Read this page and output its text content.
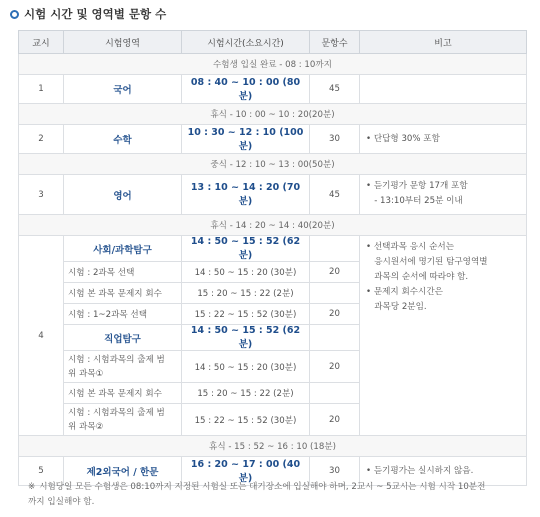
시험 시간 및 영역별 문항 수
교시	시험영역	시험시간(소요시간)	문항수	비고
수험생 입실 완료 - 08 : 10까지				
1	국어	08 : 40 ~ 10 : 00 (80분)	45	
휴식 - 10 : 00 ~ 10 : 20(20분)				
2	수학	10 : 30 ~ 12 : 10 (100분)	30	• 단답형 30% 포함
중식 - 12 : 10 ~ 13 : 00(50분)				
3	영어	13 : 10 ~ 14 : 20 (70분)	45	• 듣기평가 문항 17개 포함
- 13:10부터 25분 이내
휴식 - 14 : 20 ~ 14 : 40(20분)				
4	사회/과학탐구	14 : 50 ~ 15 : 52 (62분)		• 선택과목 응시 순서는
응시원서에 명기된 탐구영역별
과목의 순서에 따라야 함.
• 문제지 회수시간은
과목당 2분임.
	시험 : 2과목 선택	14 : 50 ~ 15 : 20 (30분)	20	
	시험 본 과목 문제지 회수	15 : 20 ~ 15 : 22 (2분)		
	시험 : 1~2과목 선택	15 : 22 ~ 15 : 52 (30분)	20	
	직업탐구	14 : 50 ~ 15 : 52 (62분)		
	시험 : 시험과목의 출제 범
위 과목①	14 : 50 ~ 15 : 20 (30분)	20	
	시험 본 과목 문제지 회수	15 : 20 ~ 15 : 22 (2분)		
	시험 : 시험과목의 출제 범
위 과목②	15 : 22 ~ 15 : 52 (30분)	20	
휴식 - 15 : 52 ~ 16 : 10 (18분)				
5	제2외국어 / 한문	16 : 20 ~ 17 : 00 (40분)	30	• 듣기평가는 실시하지 않음.
※ 시험당일 모든 수험생은 08:10까지 지정된 시험실 또는 대기장소에 입실해야 하며, 2교시 ~ 5교시는 시험 시작 10분전
까지 입실해야 함.
